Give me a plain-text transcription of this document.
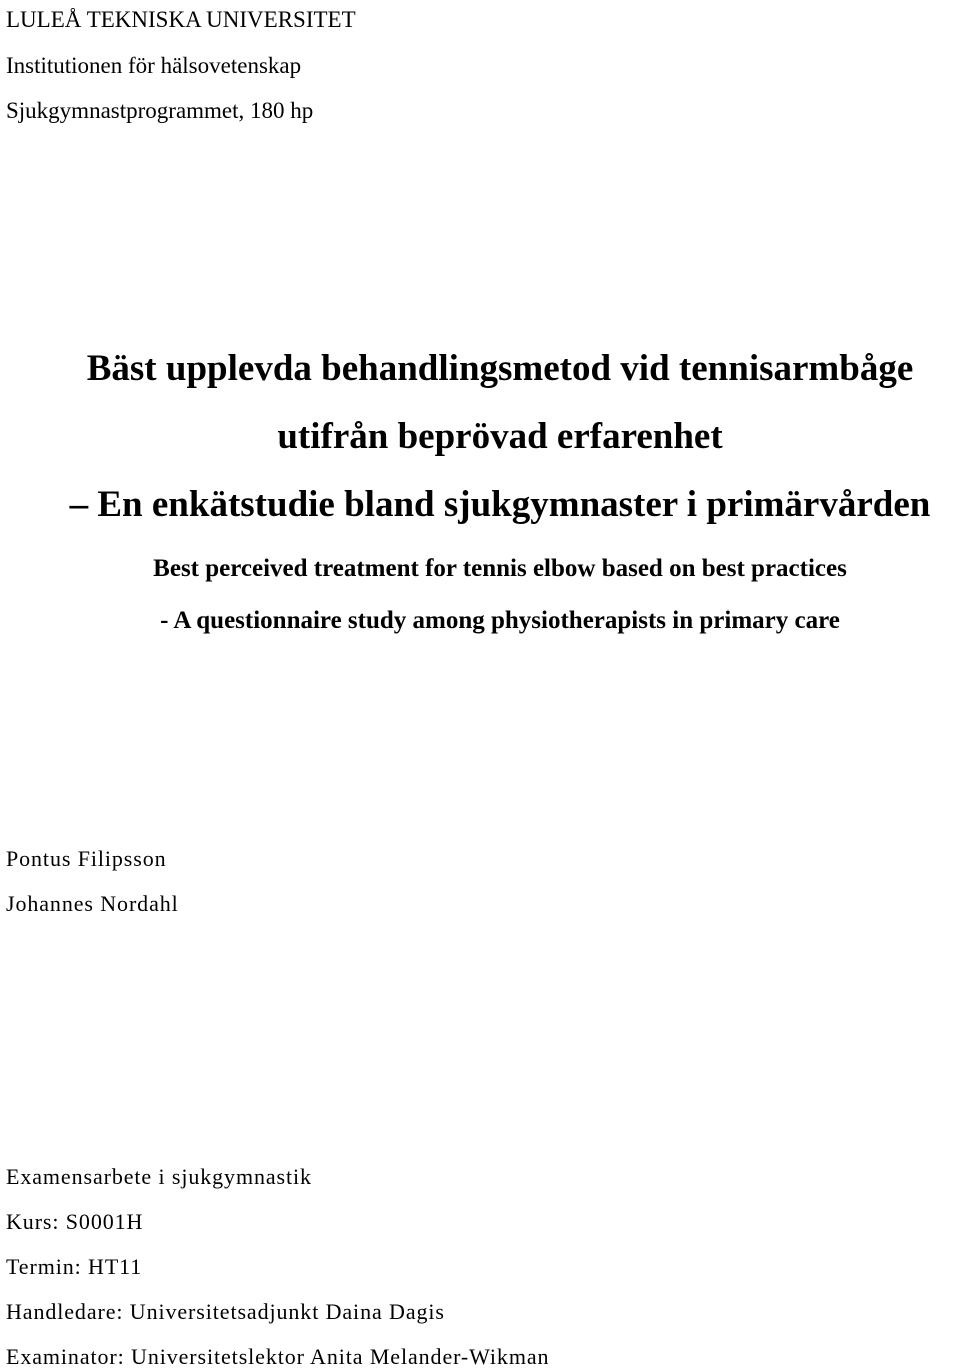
LULEÅ TEKNISKA UNIVERSITET
Institutionen för hälsovetenskap
Sjukgymnastprogrammet, 180 hp
Bäst upplevda behandlingsmetod vid tennisarmbåge
utifrån beprövad erfarenhet
– En enkätstudie bland sjukgymnaster i primärvården
Best perceived treatment for tennis elbow based on best practices
- A questionnaire study among physiotherapists in primary care
Pontus Filipsson
Johannes Nordahl
Examensarbete i sjukgymnastik
Kurs: S0001H
Termin: HT11
Handledare: Universitetsadjunkt Daina Dagis
Examinator: Universitetslektor Anita Melander-Wikman
